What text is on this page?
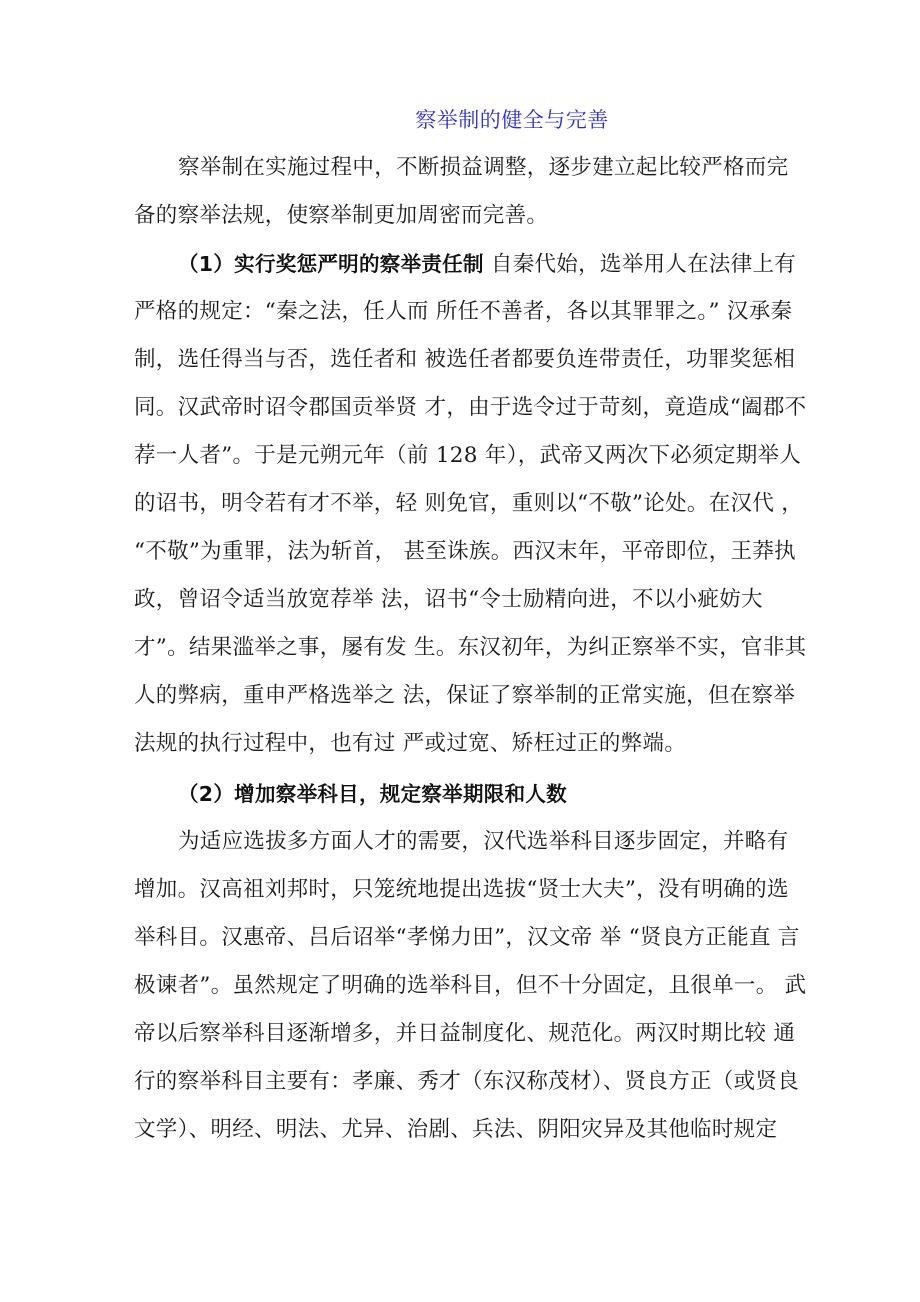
察举制的健全与完善
察举制在实施过程中，不断损益调整，逐步建立起比较严格而完
备的察举法规，使察举制更加周密而完善。
（1）实行奖惩严明的察举责任制 自秦代始，选举用人在法律上有
严格的规定：“秦之法，任人而 所任不善者，各以其罪罪之。” 汉承秦
制，选任得当与否，选任者和 被选任者都要负连带责任，功罪奖惩相
同。汉武帝时诏令郡国贡举贤 才，由于选令过于苛刻，竟造成“阖郡不
荐一人者”。于是元朔元年（前 128 年），武帝又两次下必须定期举人
的诏书，明令若有才不举，轻 则免官，重则以“不敬”论处。在汉代 ，
“不敬”为重罪，法为斩首， 甚至诛族。西汉末年，平帝即位，王莽执
政，曾诏令适当放宽荐举 法，诏书“令士励精向进，不以小疵妨大
才”。结果滥举之事，屡有发 生。东汉初年，为纠正察举不实，官非其
人的弊病，重申严格选举之 法，保证了察举制的正常实施，但在察举
法规的执行过程中，也有过 严或过宽、矫枉过正的弊端。
（2）增加察举科目，规定察举期限和人数
为适应选拔多方面人才的需要，汉代选举科目逐步固定，并略有
增加。汉高祖刘邦时，只笼统地提出选拔“贤士大夫”，没有明确的选
举科目。汉惠帝、吕后诏举“孝悌力田”，汉文帝 举 “贤良方正能直 言
极谏者”。虽然规定了明确的选举科目，但不十分固定，且很单一。 武
帝以后察举科目逐渐增多，并日益制度化、规范化。两汉时期比较 通
行的察举科目主要有：孝廉、秀才（东汉称茂材）、贤良方正（或贤良
文学）、明经、明法、尤异、治剧、兵法、阴阳灾异及其他临时规定
